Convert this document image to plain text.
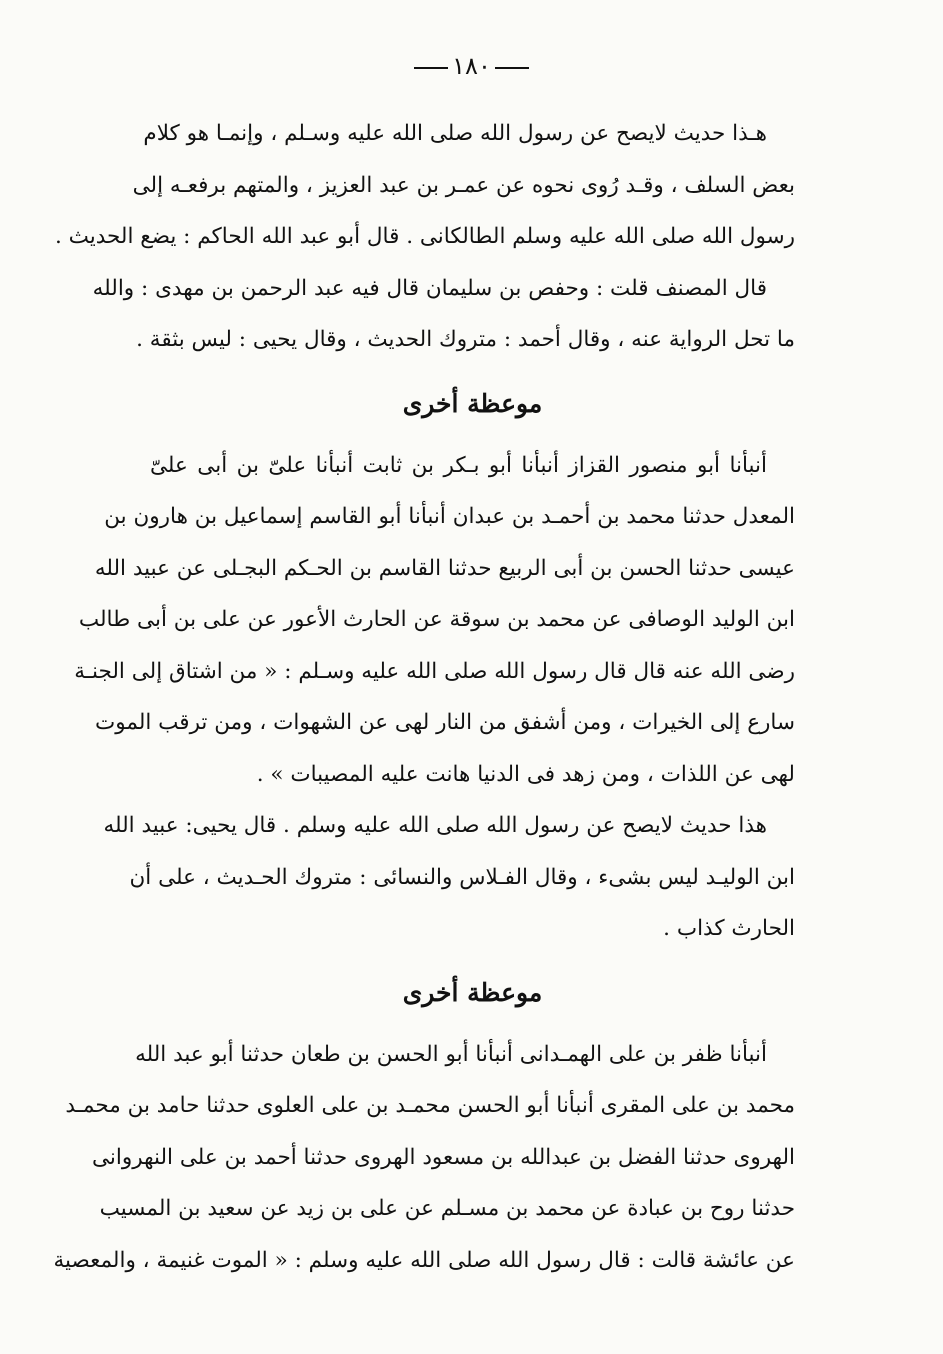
١٨٠
هـذا حديث لايصح عن رسول الله صلى الله عليه وسـلم ، وإنمـا هو كلام
بعض السلف ، وقـد رُوى نحوه عن عمـر بن عبد العزيز ، والمتهم برفعـه إلى
رسول الله صلى الله عليه وسلم الطالكانى . قال أبو عبد الله الحاكم : يضع الحديث .
قال المصنف قلت : وحفص بن سليمان قال فيه عبد الرحمن بن مهدى : والله
ما تحل الرواية عنه ، وقال أحمد : متروك الحديث ، وقال يحيى : ليس بثقة .
موعظة أخرى
أنبأنا أبو منصور القزاز أنبأنا أبو بـكر بن ثابت أنبأنا علىّ بن أبى علىّ
المعدل حدثنا محمد بن أحمـد بن عبدان أنبأنا أبو القاسم إسماعيل بن هارون بن
عيسى حدثنا الحسن بن أبى الربيع حدثنا القاسم بن الحـكم البجـلى عن عبيد الله
ابن الوليد الوصافى عن محمد بن سوقة عن الحارث الأعور عن على بن أبى طالب
رضى الله عنه قال قال رسول الله صلى الله عليه وسـلم : « من اشتاق إلى الجنـة
سارع إلى الخيرات ، ومن أشفق من النار لهى عن الشهوات ، ومن ترقب الموت
لهى عن اللذات ، ومن زهد فى الدنيا هانت عليه المصيبات » .
هذا حديث لايصح عن رسول الله صلى الله عليه وسلم . قال يحيى: عبيد الله
ابن الوليـد ليس بشىء ، وقال الفـلاس والنسائى : متروك الحـديث ، على أن
الحارث كذاب .
موعظة أخرى
أنبأنا ظفر بن على الهمـدانى أنبأنا أبو الحسن بن طعان حدثنا أبو عبد الله
محمد بن على المقرى أنبأنا أبو الحسن محمـد بن على العلوى حدثنا حامد بن محمـد
الهروى حدثنا الفضل بن عبدالله بن مسعود الهروى حدثنا أحمد بن على النهروانى
حدثنا روح بن عبادة عن محمد بن مسـلم عن على بن زيد عن سعيد بن المسيب
عن عائشة قالت : قال رسول الله صلى الله عليه وسلم : « الموت غنيمة ، والمعصية
